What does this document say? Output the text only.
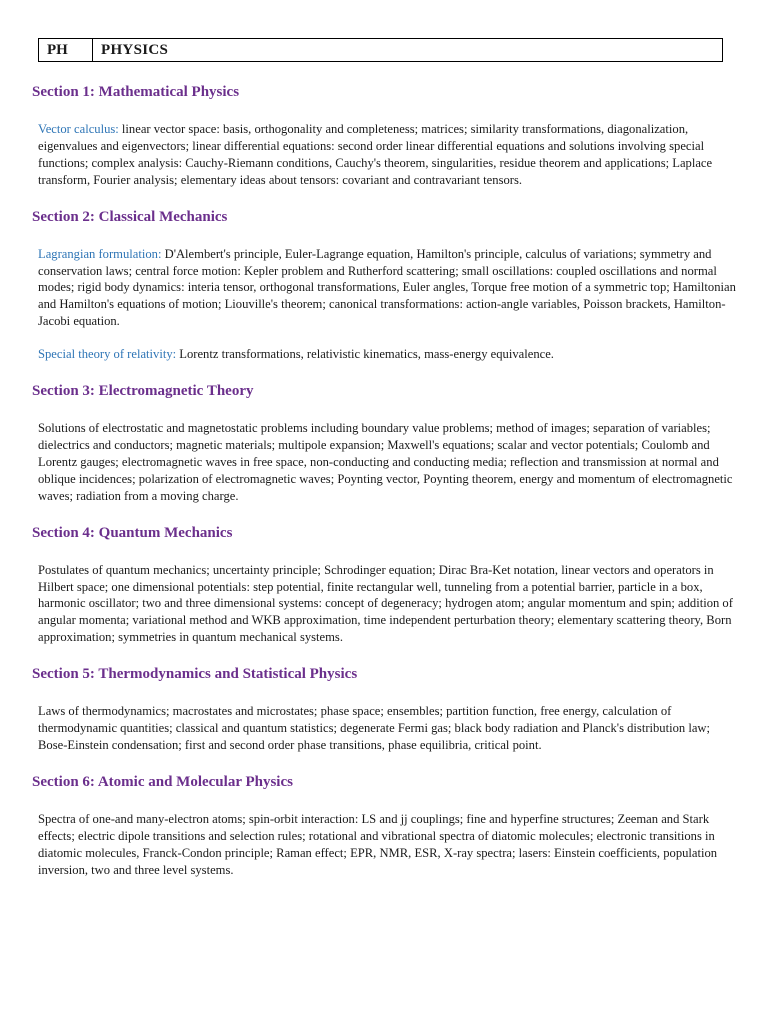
PH	PHYSICS
Section 1: Mathematical Physics

Vector calculus: linear vector space: basis, orthogonality and completeness; matrices; similarity transformations, diagonalization, eigenvalues and eigenvectors; linear differential equations: second order linear differential equations and solutions involving special functions; complex analysis: Cauchy-Riemann conditions, Cauchy's theorem, singularities, residue theorem and applications; Laplace transform, Fourier analysis; elementary ideas about tensors: covariant and contravariant tensors.

Section 2: Classical Mechanics

Lagrangian formulation: D'Alembert's principle, Euler-Lagrange equation, Hamilton's principle, calculus of variations; symmetry and conservation laws; central force motion: Kepler problem and Rutherford scattering; small oscillations: coupled oscillations and normal modes; rigid body dynamics: interia tensor, orthogonal transformations, Euler angles, Torque free motion of a symmetric top; Hamiltonian and Hamilton's equations of motion; Liouville's theorem; canonical transformations: action-angle variables, Poisson brackets, Hamilton-Jacobi equation.

Special theory of relativity: Lorentz transformations, relativistic kinematics, mass-energy equivalence.

Section 3: Electromagnetic Theory

Solutions of electrostatic and magnetostatic problems including boundary value problems; method of images; separation of variables; dielectrics and conductors; magnetic materials; multipole expansion; Maxwell's equations; scalar and vector potentials; Coulomb and Lorentz gauges; electromagnetic waves in free space, non-conducting and conducting media; reflection and transmission at normal and oblique incidences; polarization of electromagnetic waves; Poynting vector, Poynting theorem, energy and momentum of electromagnetic waves; radiation from a moving charge.

Section 4: Quantum Mechanics

Postulates of quantum mechanics; uncertainty principle; Schrodinger equation; Dirac Bra-Ket notation, linear vectors and operators in Hilbert space; one dimensional potentials: step potential, finite rectangular well, tunneling from a potential barrier, particle in a box, harmonic oscillator; two and three dimensional systems: concept of degeneracy; hydrogen atom; angular momentum and spin; addition of angular momenta; variational method and WKB approximation, time independent perturbation theory; elementary scattering theory, Born approximation; symmetries in quantum mechanical systems.

Section 5: Thermodynamics and Statistical Physics

Laws of thermodynamics; macrostates and microstates; phase space; ensembles; partition function, free energy, calculation of thermodynamic quantities; classical and quantum statistics; degenerate Fermi gas; black body radiation and Planck's distribution law; Bose-Einstein condensation; first and second order phase transitions, phase equilibria, critical point.

Section 6: Atomic and Molecular Physics

Spectra of one-and many-electron atoms; spin-orbit interaction: LS and jj couplings; fine and hyperfine structures; Zeeman and Stark effects; electric dipole transitions and selection rules; rotational and vibrational spectra of diatomic molecules; electronic transitions in diatomic molecules, Franck-Condon principle; Raman effect; EPR, NMR, ESR, X-ray spectra; lasers: Einstein coefficients, population inversion, two and three level systems.
